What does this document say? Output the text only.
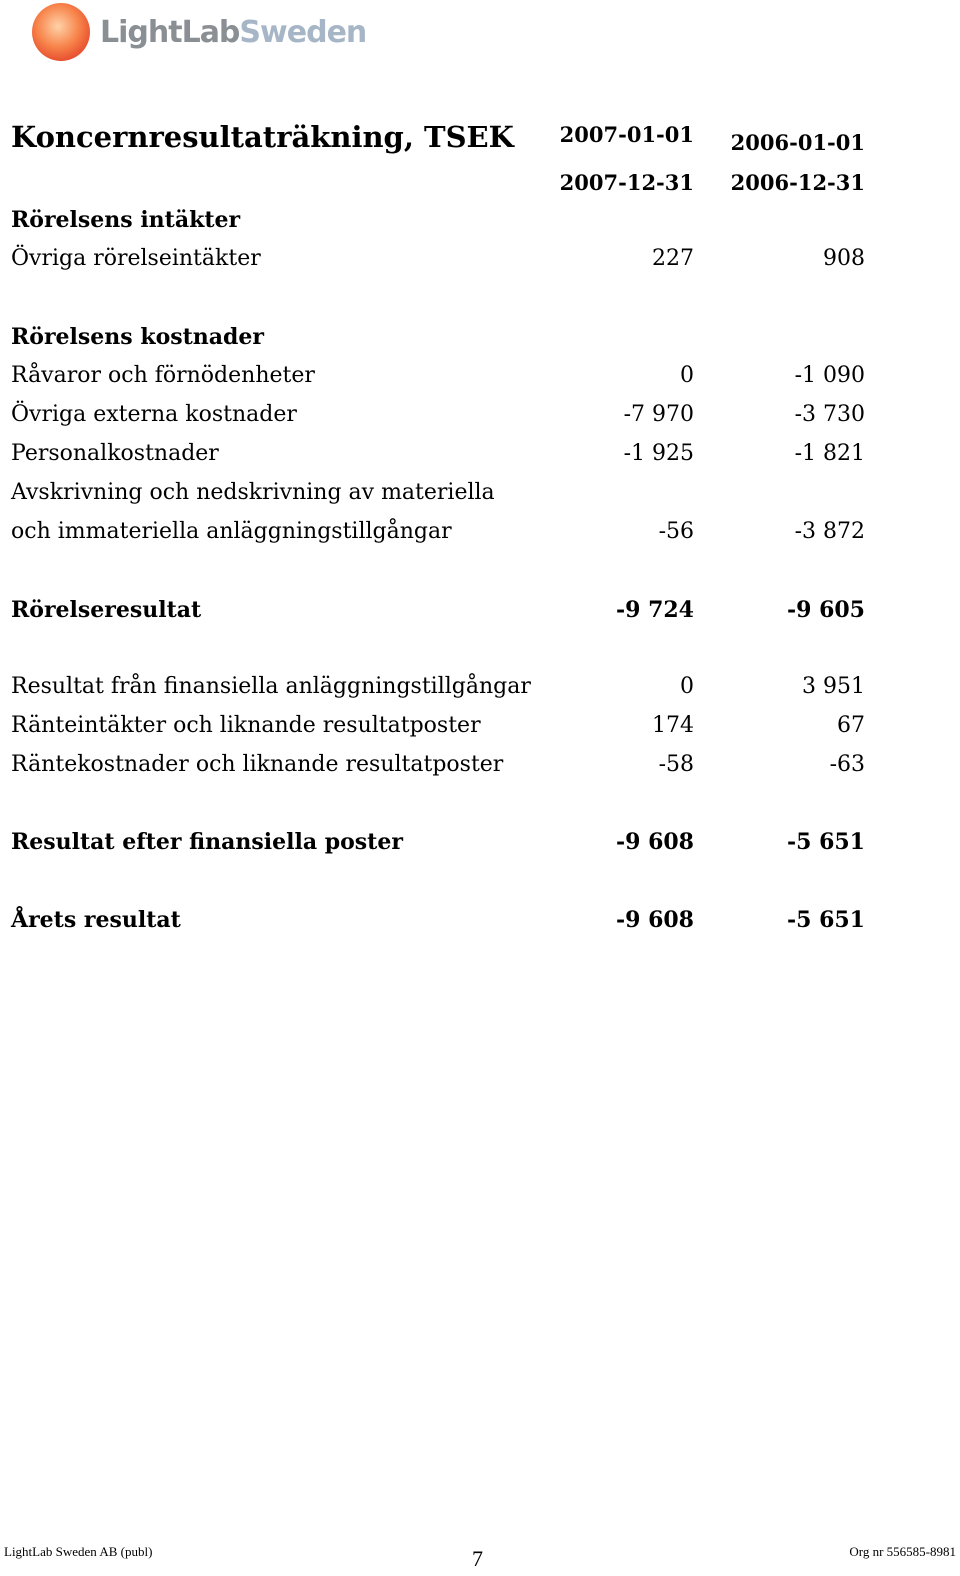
LightLabSweden
Koncernresultaträkning, TSEK 2007-01-01 2006-01-01
2007-12-31 2006-12-31
Rörelsens intäkter
Övriga rörelseintäkter	227	908
Rörelsens kostnader
Råvaror och förnödenheter	0	-1 090
Övriga externa kostnader	-7 970	-3 730
Personalkostnader	-1 925	-1 821
Avskrivning och nedskrivning av materiella
och immateriella anläggningstillgångar	-56	-3 872
Rörelseresultat	-9 724	-9 605
Resultat från finansiella anläggningstillgångar	0	3 951
Ränteintäkter och liknande resultatposter	174	67
Räntekostnader och liknande resultatposter	-58	-63
Resultat efter finansiella poster	-9 608	-5 651
Årets resultat	-9 608	-5 651
LightLab Sweden AB (publ)	7	Org nr 556585-8981
